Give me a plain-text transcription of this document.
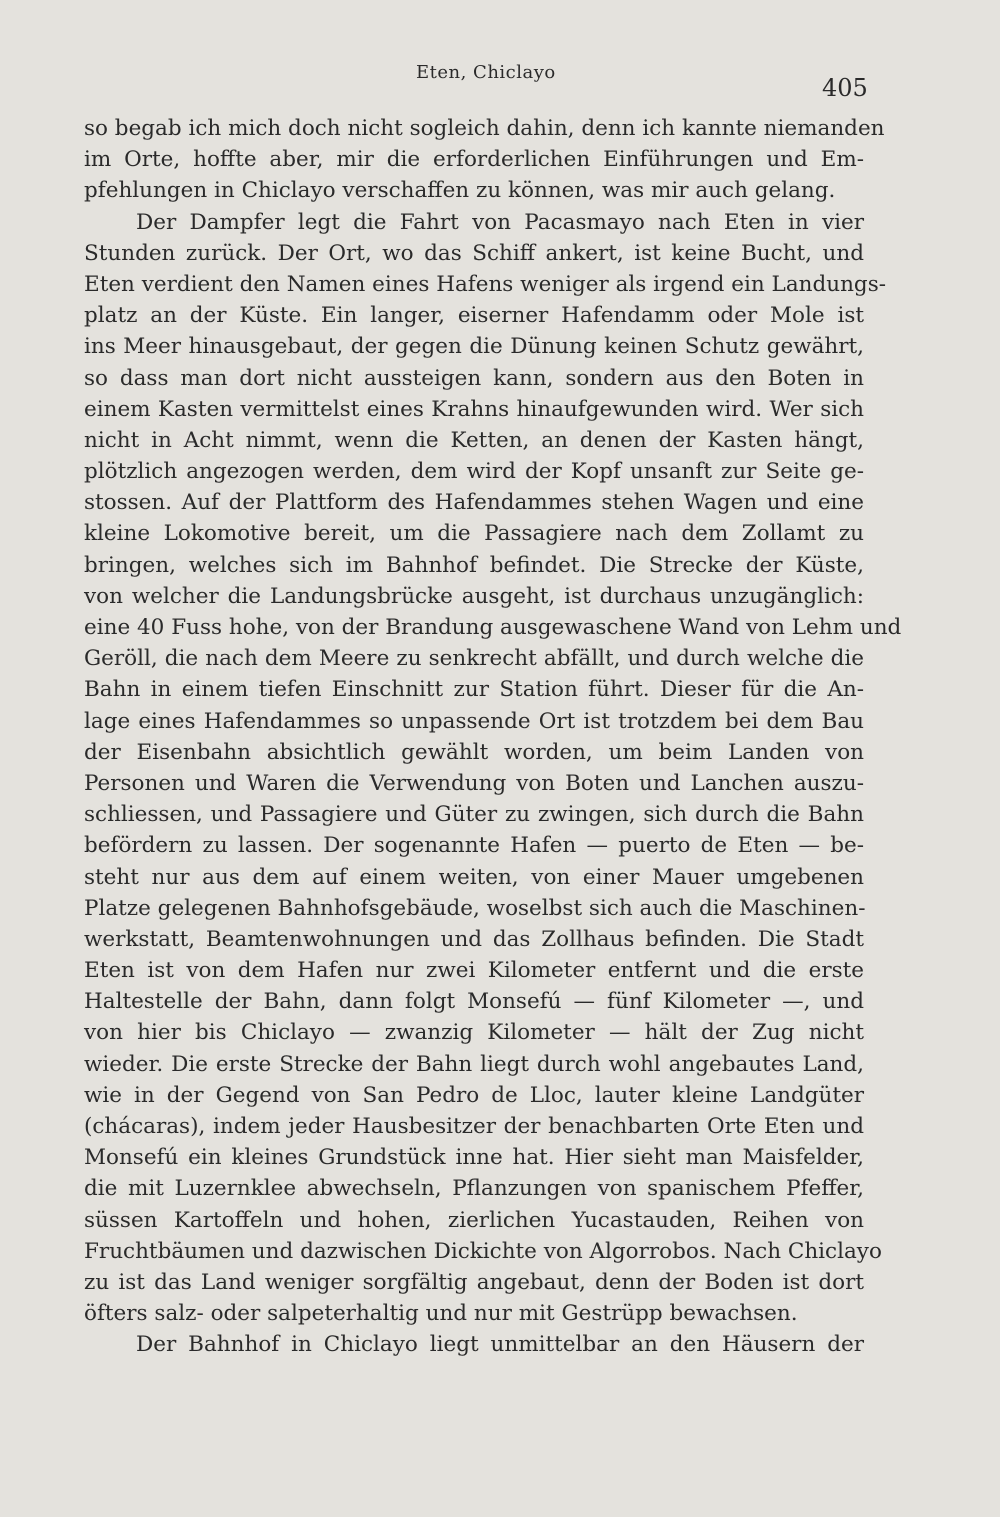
Eten, Chiclayo
405
so begab ich mich doch nicht sogleich dahin, denn ich kannte niemanden
im Orte, hoffte aber, mir die erforderlichen Einführungen und Em-
pfehlungen in Chiclayo verschaffen zu können, was mir auch gelang.
Der Dampfer legt die Fahrt von Pacasmayo nach Eten in vier
Stunden zurück. Der Ort, wo das Schiff ankert, ist keine Bucht, und
Eten verdient den Namen eines Hafens weniger als irgend ein Landungs-
platz an der Küste. Ein langer, eiserner Hafendamm oder Mole ist
ins Meer hinausgebaut, der gegen die Dünung keinen Schutz gewährt,
so dass man dort nicht aussteigen kann, sondern aus den Boten in
einem Kasten vermittelst eines Krahns hinaufgewunden wird. Wer sich
nicht in Acht nimmt, wenn die Ketten, an denen der Kasten hängt,
plötzlich angezogen werden, dem wird der Kopf unsanft zur Seite ge-
stossen. Auf der Plattform des Hafendammes stehen Wagen und eine
kleine Lokomotive bereit, um die Passagiere nach dem Zollamt zu
bringen, welches sich im Bahnhof befindet. Die Strecke der Küste,
von welcher die Landungsbrücke ausgeht, ist durchaus unzugänglich:
eine 40 Fuss hohe, von der Brandung ausgewaschene Wand von Lehm und
Geröll, die nach dem Meere zu senkrecht abfällt, und durch welche die
Bahn in einem tiefen Einschnitt zur Station führt. Dieser für die An-
lage eines Hafendammes so unpassende Ort ist trotzdem bei dem Bau
der Eisenbahn absichtlich gewählt worden, um beim Landen von
Personen und Waren die Verwendung von Boten und Lanchen auszu-
schliessen, und Passagiere und Güter zu zwingen, sich durch die Bahn
befördern zu lassen. Der sogenannte Hafen — puerto de Eten — be-
steht nur aus dem auf einem weiten, von einer Mauer umgebenen
Platze gelegenen Bahnhofsgebäude, woselbst sich auch die Maschinen-
werkstatt, Beamtenwohnungen und das Zollhaus befinden. Die Stadt
Eten ist von dem Hafen nur zwei Kilometer entfernt und die erste
Haltestelle der Bahn, dann folgt Monsefú — fünf Kilometer —, und
von hier bis Chiclayo — zwanzig Kilometer — hält der Zug nicht
wieder. Die erste Strecke der Bahn liegt durch wohl angebautes Land,
wie in der Gegend von San Pedro de Lloc, lauter kleine Landgüter
(chácaras), indem jeder Hausbesitzer der benachbarten Orte Eten und
Monsefú ein kleines Grundstück inne hat. Hier sieht man Maisfelder,
die mit Luzernklee abwechseln, Pflanzungen von spanischem Pfeffer,
süssen Kartoffeln und hohen, zierlichen Yucastauden, Reihen von
Fruchtbäumen und dazwischen Dickichte von Algorrobos. Nach Chiclayo
zu ist das Land weniger sorgfältig angebaut, denn der Boden ist dort
öfters salz- oder salpeterhaltig und nur mit Gestrüpp bewachsen.
Der Bahnhof in Chiclayo liegt unmittelbar an den Häusern der
